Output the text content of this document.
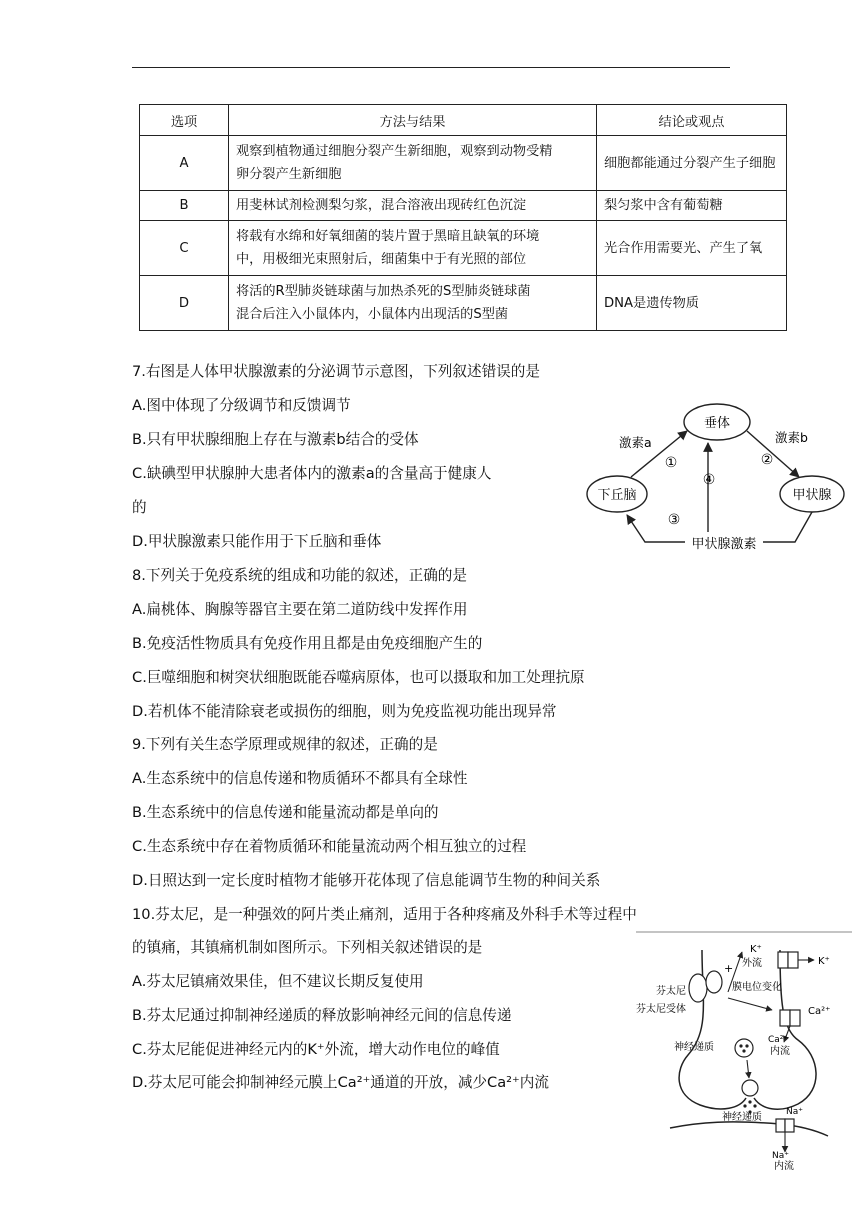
选项	方法与结果	结论或观点
A	观察到植物通过细胞分裂产生新细胞，观察到动物受精
卵分裂产生新细胞	细胞都能通过分裂产生子细胞
B	用斐林试剂检测梨匀浆，混合溶液出现砖红色沉淀	梨匀浆中含有葡萄糖
C	将载有水绵和好氧细菌的装片置于黑暗且缺氧的环境
中，用极细光束照射后，细菌集中于有光照的部位	光合作用需要光、产生了氧
D	将活的R型肺炎链球菌与加热杀死的S型肺炎链球菌
混合后注入小鼠体内，小鼠体内出现活的S型菌	DNA是遗传物质
7.右图是人体甲状腺激素的分泌调节示意图，下列叙述错误的是
A.图中体现了分级调节和反馈调节
B.只有甲状腺细胞上存在与激素b结合的受体
C.缺碘型甲状腺肿大患者体内的激素a的含量高于健康人
的
D.甲状腺激素只能作用于下丘脑和垂体
垂体
下丘脑	甲状腺
激素a	激素b
①	②
④
③
甲状腺激素
8.下列关于免疫系统的组成和功能的叙述，正确的是
A.扁桃体、胸腺等器官主要在第二道防线中发挥作用
B.免疫活性物质具有免疫作用且都是由免疫细胞产生的
C.巨噬细胞和树突状细胞既能吞噬病原体，也可以摄取和加工处理抗原
D.若机体不能清除衰老或损伤的细胞，则为免疫监视功能出现异常
9.下列有关生态学原理或规律的叙述，正确的是
A.生态系统中的信息传递和物质循环不都具有全球性
B.生态系统中的信息传递和能量流动都是单向的
C.生态系统中存在着物质循环和能量流动两个相互独立的过程
D.日照达到一定长度时植物才能够开花体现了信息能调节生物的种间关系
10.芬太尼，是一种强效的阿片类止痛剂，适用于各种疼痛及外科手术等过程中
的镇痛，其镇痛机制如图所示。下列相关叙述错误的是
A.芬太尼镇痛效果佳，但不建议长期反复使用
B.芬太尼通过抑制神经递质的释放影响神经元间的信息传递
C.芬太尼能促进神经元内的K⁺外流，增大动作电位的峰值
D.芬太尼可能会抑制神经元膜上Ca²⁺通道的开放，减少Ca²⁺内流
芬太尼
芬太尼受体
+
K⁺
外流	K⁺
膜电位变化
Ca²⁺
Ca²⁺
内流
神经递质
神经递质	Na⁺
Na⁺
内流
